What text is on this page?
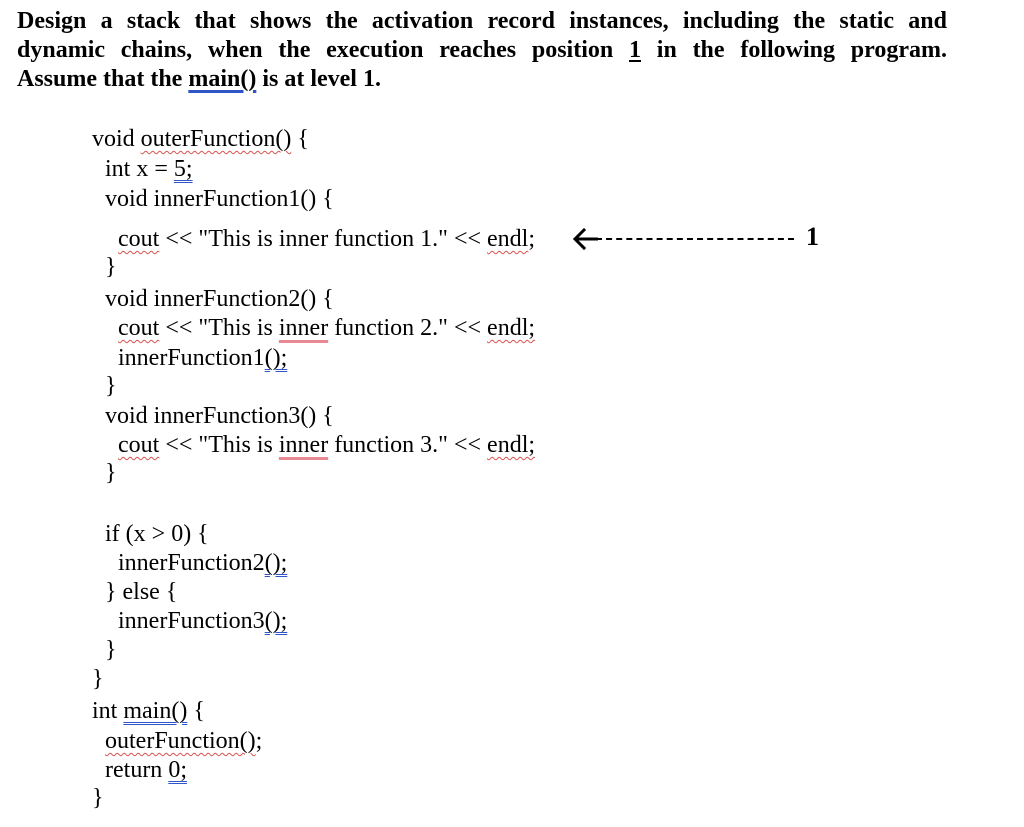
Design a stack that shows the activation record instances, including the static and
dynamic chains, when the execution reaches position 1 in the following program.
Assume that the main() is at level 1.
void outerFunction() {
int x = 5;
void innerFunction1() {
cout << "This is inner function 1." << endl;
}
void innerFunction2() {
cout << "This is inner function 2." << endl;
innerFunction1();
}
void innerFunction3() {
cout << "This is inner function 3." << endl;
}
if (x > 0) {
innerFunction2();
} else {
innerFunction3();
}
}
int main() {
outerFunction();
return 0;
}
1
